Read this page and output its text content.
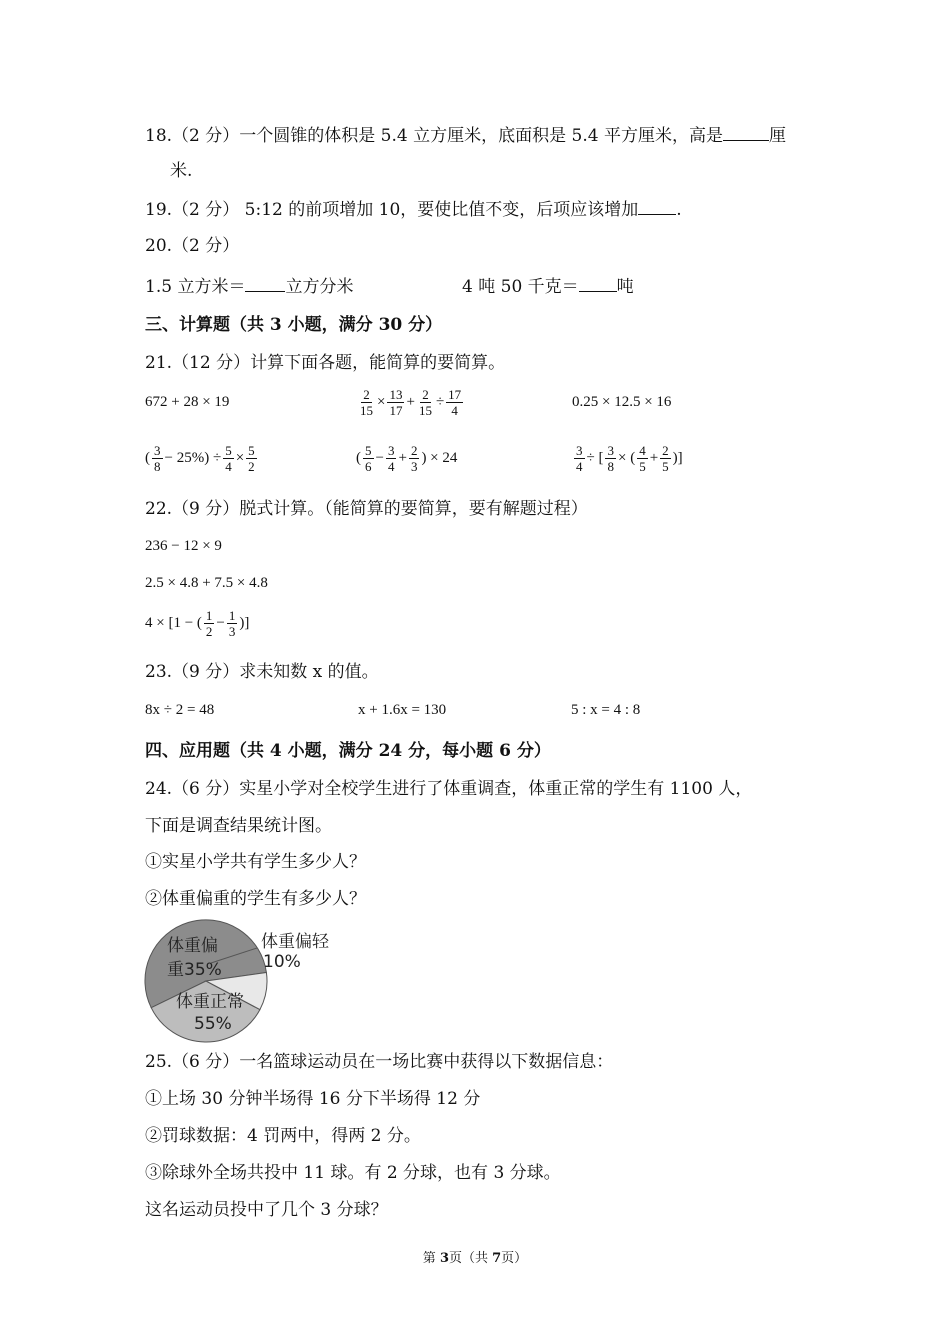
18.（2 分）一个圆锥的体积是 5.4 立方厘米，底面积是 5.4 平方厘米，高是	厘
米.
19.（2 分） 5:12 的前项增加 10，要使比值不变，后项应该增加 .
20.（2 分）
1.5 立方米＝ 立方分米	4 吨 50 千克＝ 吨
三、计算题（共 3 小题，满分 30 分）
21.（12 分）计算下面各题，能简算的要简算。
672 + 28 × 19	$\frac{2}{15} \times \frac{13}{17} + \frac{2}{15} \div \frac{17}{4}$	0.25 × 12.5 × 16
( $\frac{3}{8} - 25\%) \div \frac{5}{4} \times \frac{5}{2}$	( $\frac{5}{6} - \frac{3}{4} + \frac{2}{3}$ ) × 24	$\frac{3}{4}$ ÷ [ $\frac{3}{8}$ × ( $\frac{4}{5} + \frac{2}{5}$ )]
22.（9 分）脱式计算。（能简算的要简算，要有解题过程）
236 − 12 × 9
2.5 × 4.8 + 7.5 × 4.8
4 × [1 − ( $\frac{1}{2} - \frac{1}{3}$ )]
23.（9 分）求未知数 x 的值。
8x ÷ 2 = 48	x + 1.6x = 130	5 : x = 4 : 8
四、应用题（共 4 小题，满分 24 分，每小题 6 分）
24.（6 分）实星小学对全校学生进行了体重调查，体重正常的学生有 1100 人，
下面是调查结果统计图。
①实星小学共有学生多少人？
②体重偏重的学生有多少人？
体重偏
重35%
体重偏轻
10%
体重正常
55%
25.（6 分）一名篮球运动员在一场比赛中获得以下数据信息：
①上场 30 分钟半场得 16 分下半场得 12 分
②罚球数据：4 罚两中，得两 2 分。
③除球外全场共投中 11 球。有 2 分球，也有 3 分球。
这名运动员投中了几个 3 分球？
第 3页（共 7页）
